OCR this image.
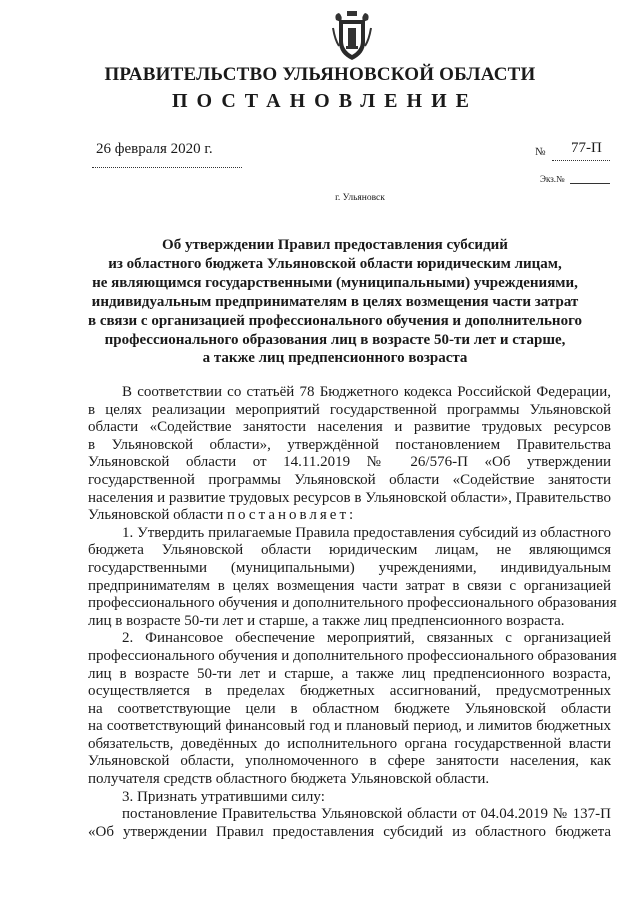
ПРАВИТЕЛЬСТВО УЛЬЯНОВСКОЙ ОБЛАСТИ
ПОСТАНОВЛЕНИЕ
26 февраля 2020 г.	№ 77-П
Экз.№
г. Ульяновск
Об утверждении Правил предоставления субсидий
из областного бюджета Ульяновской области юридическим лицам,
не являющимся государственными (муниципальными) учреждениями,
индивидуальным предпринимателям в целях возмещения части затрат
в связи с организацией профессионального обучения и дополнительного
профессионального образования лиц в возрасте 50-ти лет и старше,
а также лиц предпенсионного возраста
В соответствии со статьёй 78 Бюджетного кодекса Российской Федерации,
в целях реализации мероприятий государственной программы Ульяновской
области «Содействие занятости населения и развитие трудовых ресурсов
в Ульяновской области», утверждённой постановлением Правительства
Ульяновской области от 14.11.2019 № 26/576-П «Об утверждении
государственной программы Ульяновской области «Содействие занятости
населения и развитие трудовых ресурсов в Ульяновской области», Правительство
Ульяновской области постановляет:
1. Утвердить прилагаемые Правила предоставления субсидий из областного
бюджета Ульяновской области юридическим лицам, не являющимся
государственными (муниципальными) учреждениями, индивидуальным
предпринимателям в целях возмещения части затрат в связи с организацией
профессионального обучения и дополнительного профессионального образования
лиц в возрасте 50-ти лет и старше, а также лиц предпенсионного возраста.
2. Финансовое обеспечение мероприятий, связанных с организацией
профессионального обучения и дополнительного профессионального образования
лиц в возрасте 50-ти лет и старше, а также лиц предпенсионного возраста,
осуществляется в пределах бюджетных ассигнований, предусмотренных
на соответствующие цели в областном бюджете Ульяновской области
на соответствующий финансовый год и плановый период, и лимитов бюджетных
обязательств, доведённых до исполнительного органа государственной власти
Ульяновской области, уполномоченного в сфере занятости населения, как
получателя средств областного бюджета Ульяновской области.
3. Признать утратившими силу:
постановление Правительства Ульяновской области от 04.04.2019 № 137-П
«Об утверждении Правил предоставления субсидий из областного бюджета
